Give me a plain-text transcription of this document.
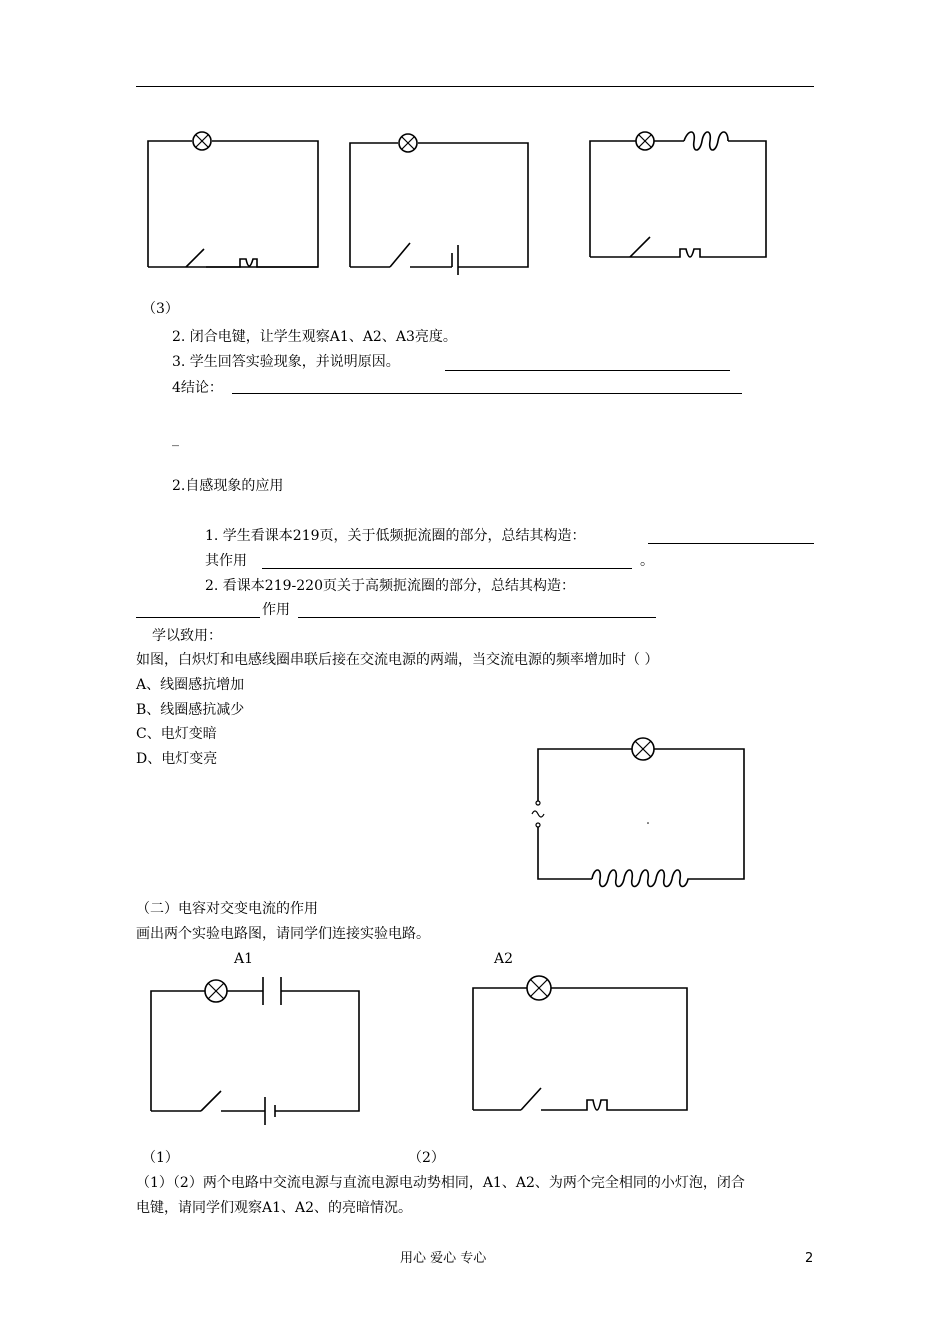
（3）
2. 闭合电键，让学生观察A1、A2、A3亮度。
3. 学生回答实验现象，并说明原因。
4结论：
_
2.自感现象的应用
1. 学生看课本219页，关于低频扼流圈的部分，总结其构造：
其作用	。
2. 看课本219-220页关于高频扼流圈的部分，总结其构造：
作用
学以致用：
如图，白炽灯和电感线圈串联后接在交流电源的两端，当交流电源的频率增加时（ ）
A、线圈感抗增加
B、线圈感抗减少
C、电灯变暗
D、电灯变亮
（二）电容对交变电流的作用
画出两个实验电路图，请同学们连接实验电路。
A1	A2
（1）	（2）
（1）（2）两个电路中交流电源与直流电源电动势相同，A1、A2、为两个完全相同的小灯泡，闭合
电键，请同学们观察A1、A2、的亮暗情况。
用心 爱心 专心	2
